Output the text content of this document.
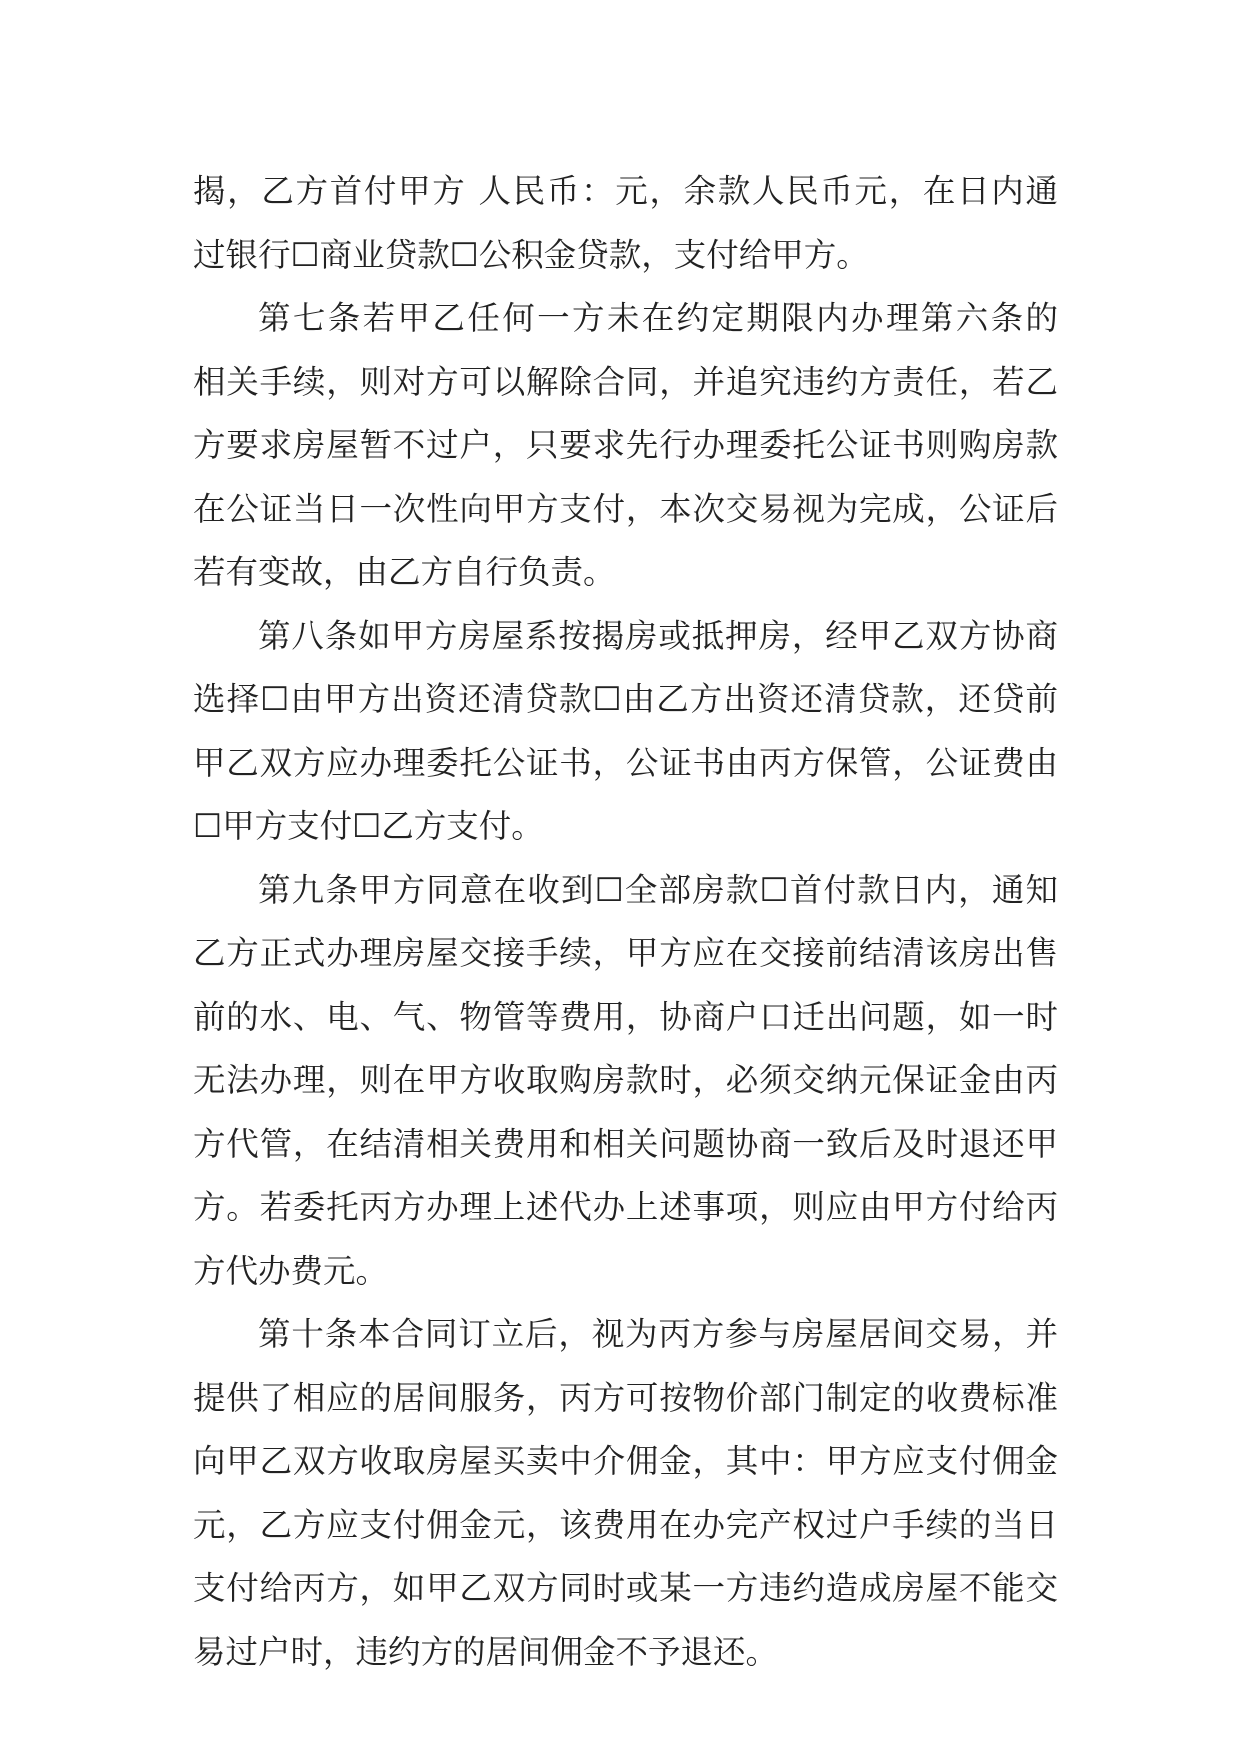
揭，乙方首付甲方 人民币：元，余款人民币元，在日内通
过银行☐商业贷款☐公积金贷款，支付给甲方。
第七条若甲乙任何一方未在约定期限内办理第六条的
相关手续，则对方可以解除合同，并追究违约方责任，若乙
方要求房屋暂不过户，只要求先行办理委托公证书则购房款
在公证当日一次性向甲方支付，本次交易视为完成，公证后
若有变故，由乙方自行负责。
第八条如甲方房屋系按揭房或抵押房，经甲乙双方协商
选择☐由甲方出资还清贷款☐由乙方出资还清贷款，还贷前
甲乙双方应办理委托公证书，公证书由丙方保管，公证费由
☐甲方支付☐乙方支付。
第九条甲方同意在收到☐全部房款☐首付款日内，通知
乙方正式办理房屋交接手续，甲方应在交接前结清该房出售
前的水、电、气、物管等费用，协商户口迁出问题，如一时
无法办理，则在甲方收取购房款时，必须交纳元保证金由丙
方代管，在结清相关费用和相关问题协商一致后及时退还甲
方。若委托丙方办理上述代办上述事项，则应由甲方付给丙
方代办费元。
第十条本合同订立后，视为丙方参与房屋居间交易，并
提供了相应的居间服务，丙方可按物价部门制定的收费标准
向甲乙双方收取房屋买卖中介佣金，其中：甲方应支付佣金
元，乙方应支付佣金元，该费用在办完产权过户手续的当日
支付给丙方，如甲乙双方同时或某一方违约造成房屋不能交
易过户时，违约方的居间佣金不予退还。
